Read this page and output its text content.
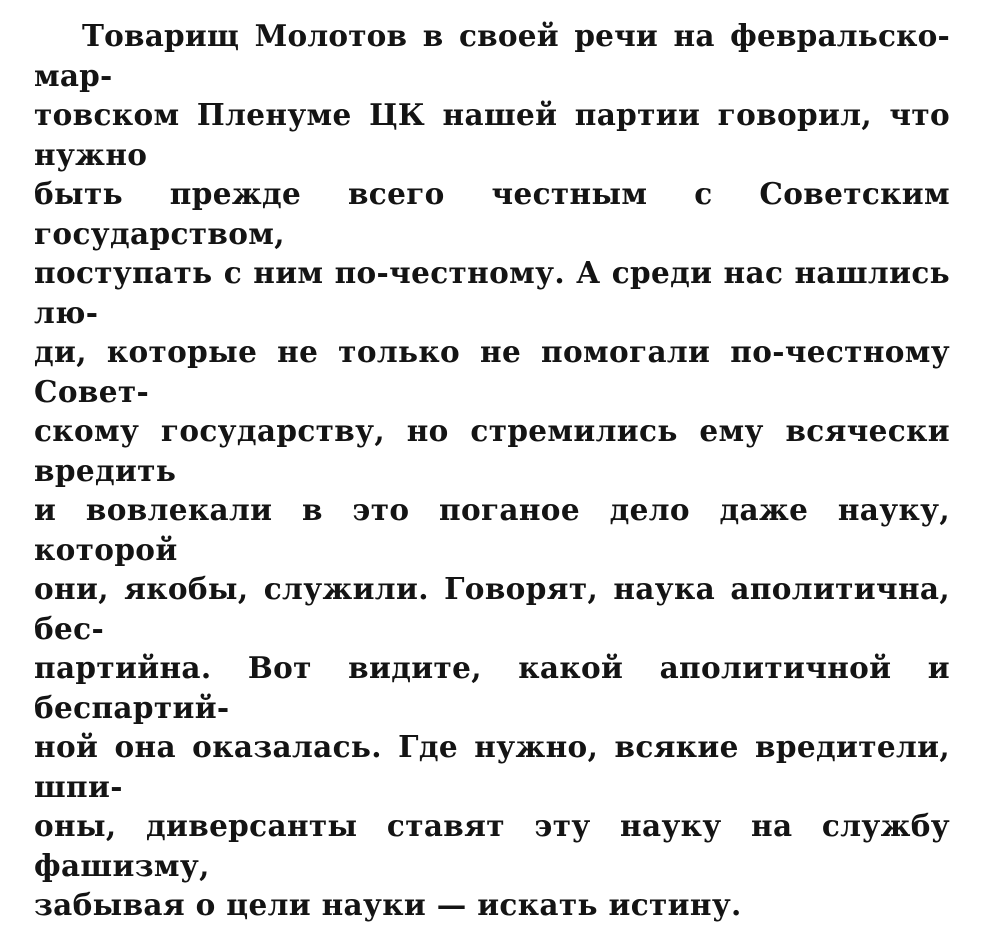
Товарищ Молотов в своей речи на февральско-мар-

товском Пленуме ЦК нашей партии говорил, что нужно

быть прежде всего честным с Советским государством,

поступать с ним по-честному. А среди нас нашлись лю-

ди, которые не только не помогали по-честному Совет-

скому государству, но стремились ему всячески вредить

и вовлекали в это поганое дело даже науку, которой

они, якобы, служили. Говорят, наука аполитична, бес-

партийна. Вот видите, какой аполитичной и беспартий-

ной она оказалась. Где нужно, всякие вредители, шпи-

оны, диверсанты ставят эту науку на службу фашизму,

забывая о цели науки — искать истину.
